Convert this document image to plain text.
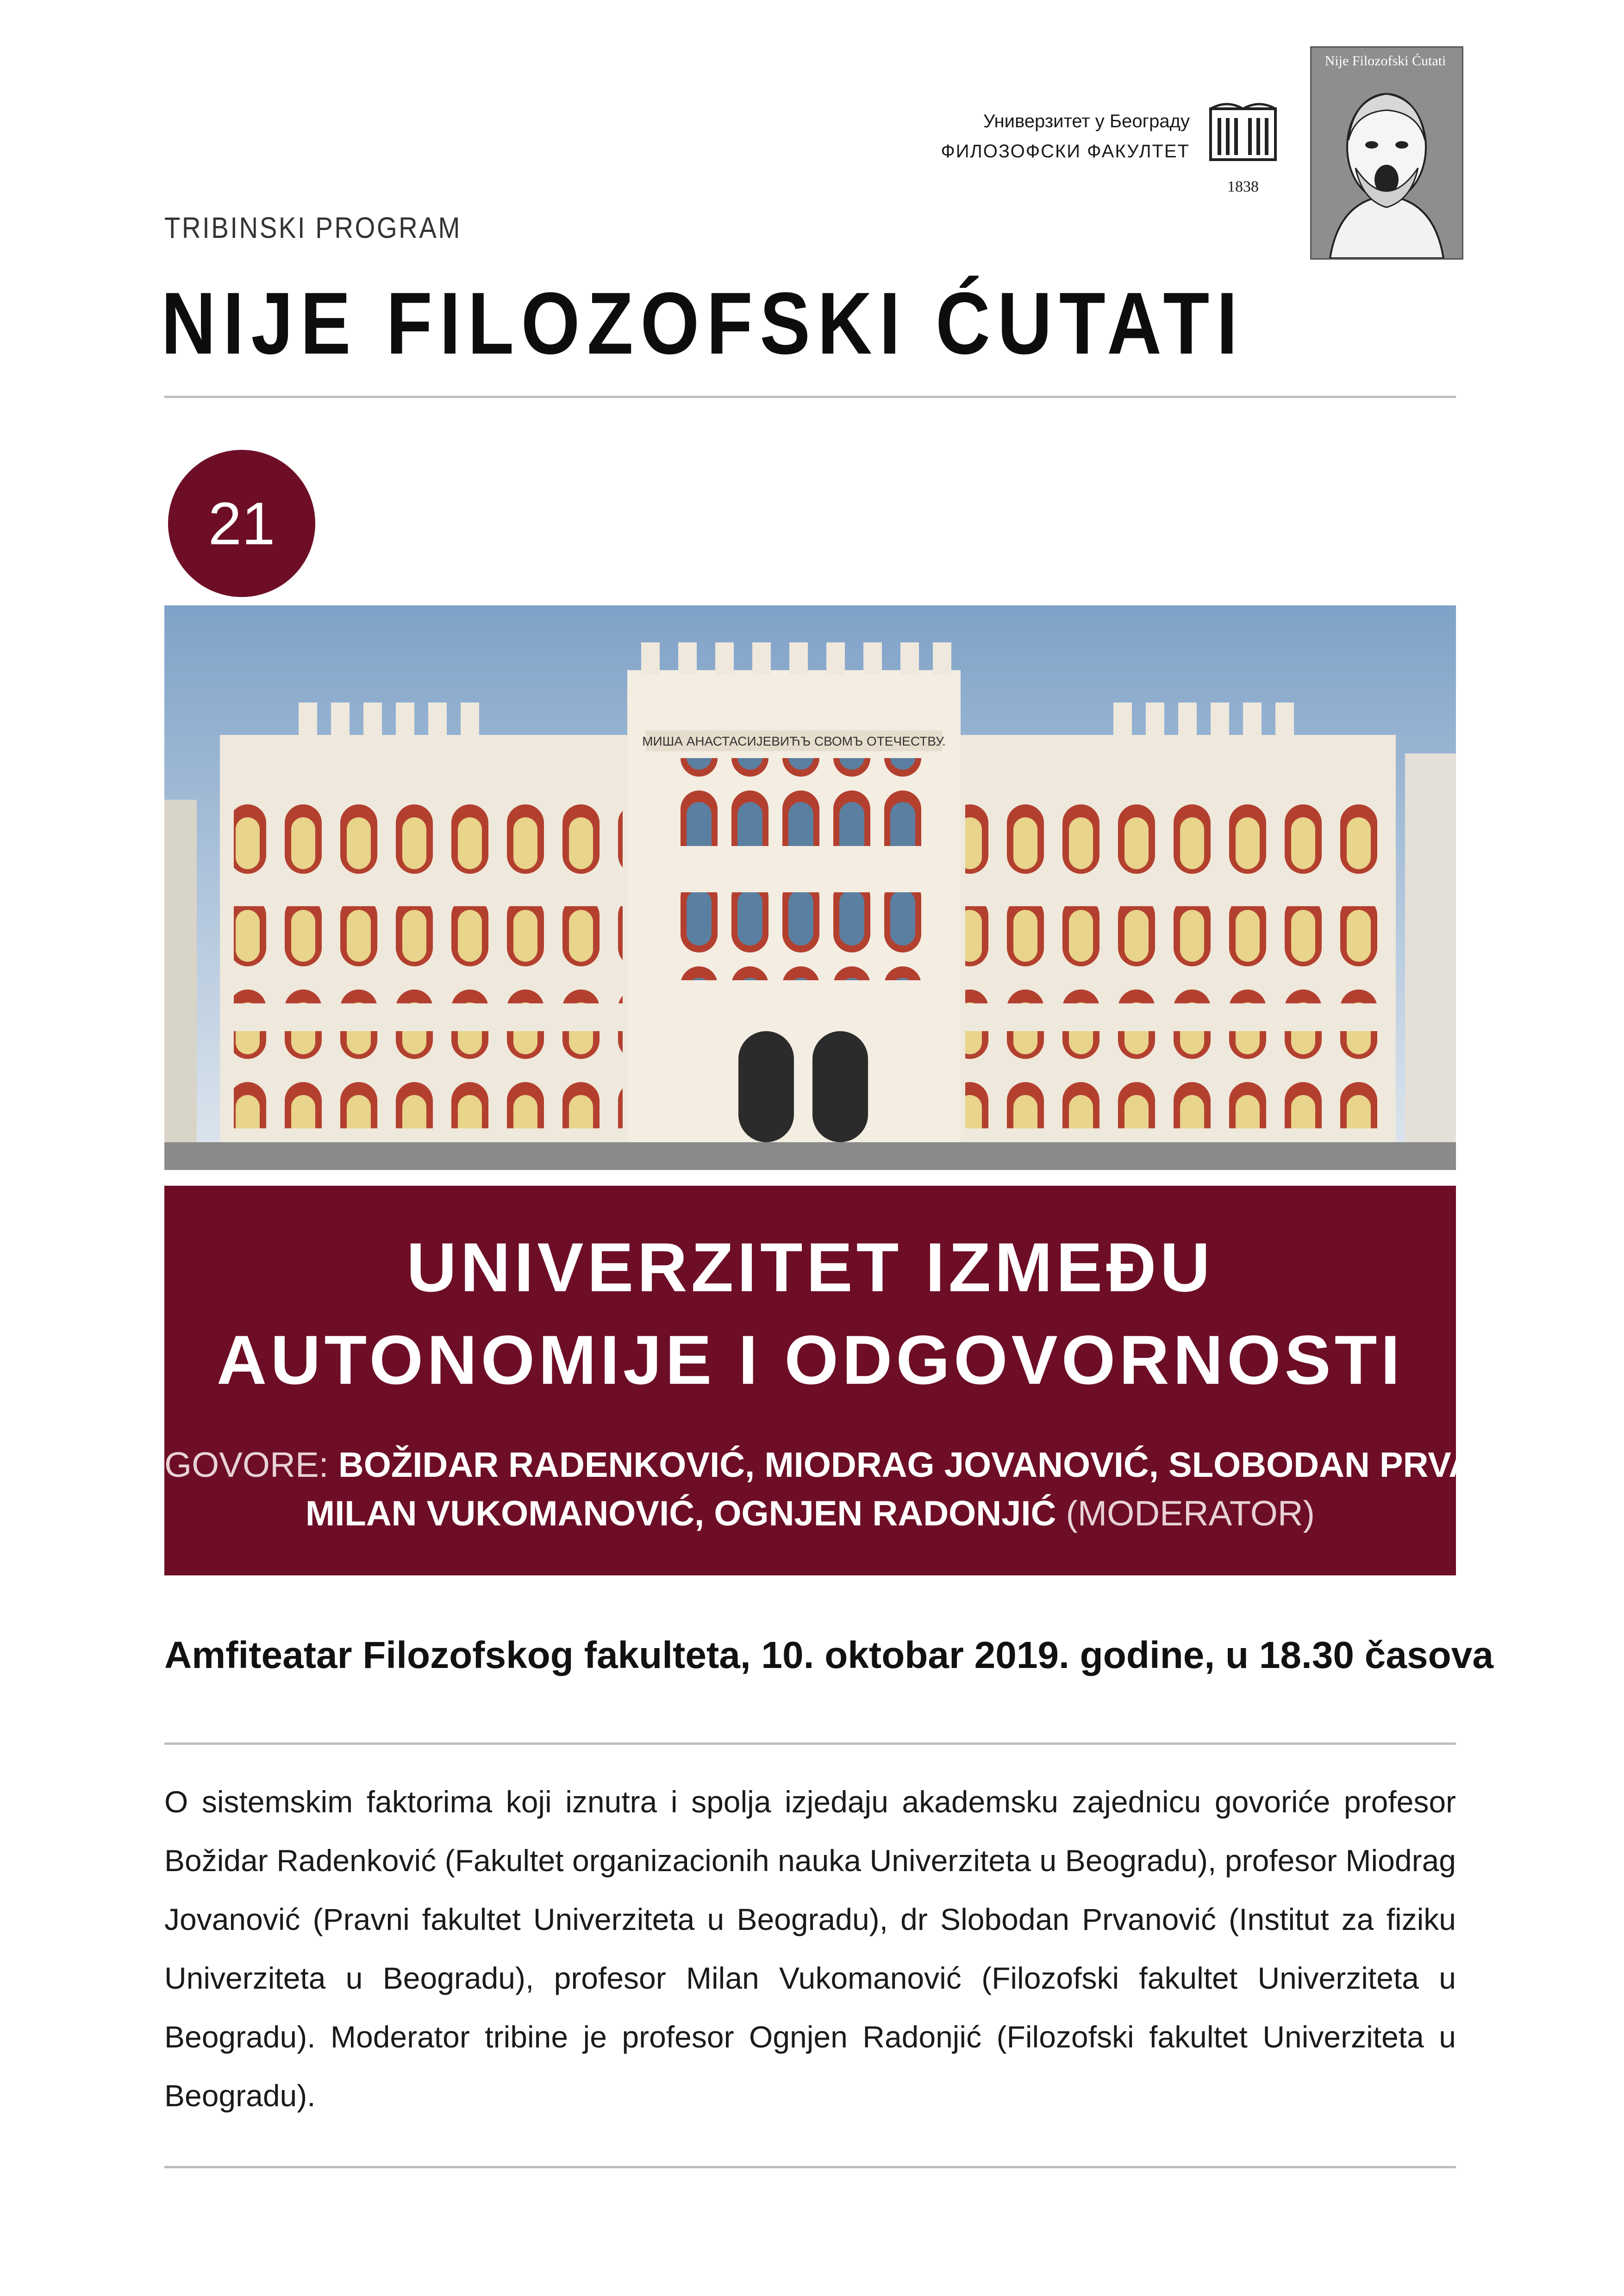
Универзитет у Београду
ФИЛОЗОФСКИ ФАКУЛТЕТ
1838
Nije Filozofski Ćutati
TRIBINSKI PROGRAM
NIJE FILOZOFSKI ĆUTATI
21
МИША АНАСТАСИЈЕВИЋЪ СВОМЪ ОТЕЧЕСТВУ.
UNIVERZITET IZMEĐU
AUTONOMIJE I ODGOVORNOSTI
GOVORE: BOŽIDAR RADENKOVIĆ, MIODRAG JOVANOVIĆ, SLOBODAN PRVANOVIĆ,
MILAN VUKOMANOVIĆ, OGNJEN RADONJIĆ (MODERATOR)
Amfiteatar Filozofskog fakulteta, 10. oktobar 2019. godine, u 18.30 časova
O sistemskim faktorima koji iznutra i spolja izjedaju akademsku zajednicu govoriće profesor Božidar Radenković (Fakultet organizacionih nauka Univerziteta u Beogradu), profesor Miodrag Jovanović (Pravni fakultet Univerziteta u Beogradu), dr Slobodan Prvanović (Institut za fiziku Univerziteta u Beogradu), profesor Milan Vukomanović (Filozofski fakultet Univerziteta u Beogradu). Moderator tribine je profesor Ognjen Radonjić (Filozofski fakultet Univerziteta u Beogradu).
